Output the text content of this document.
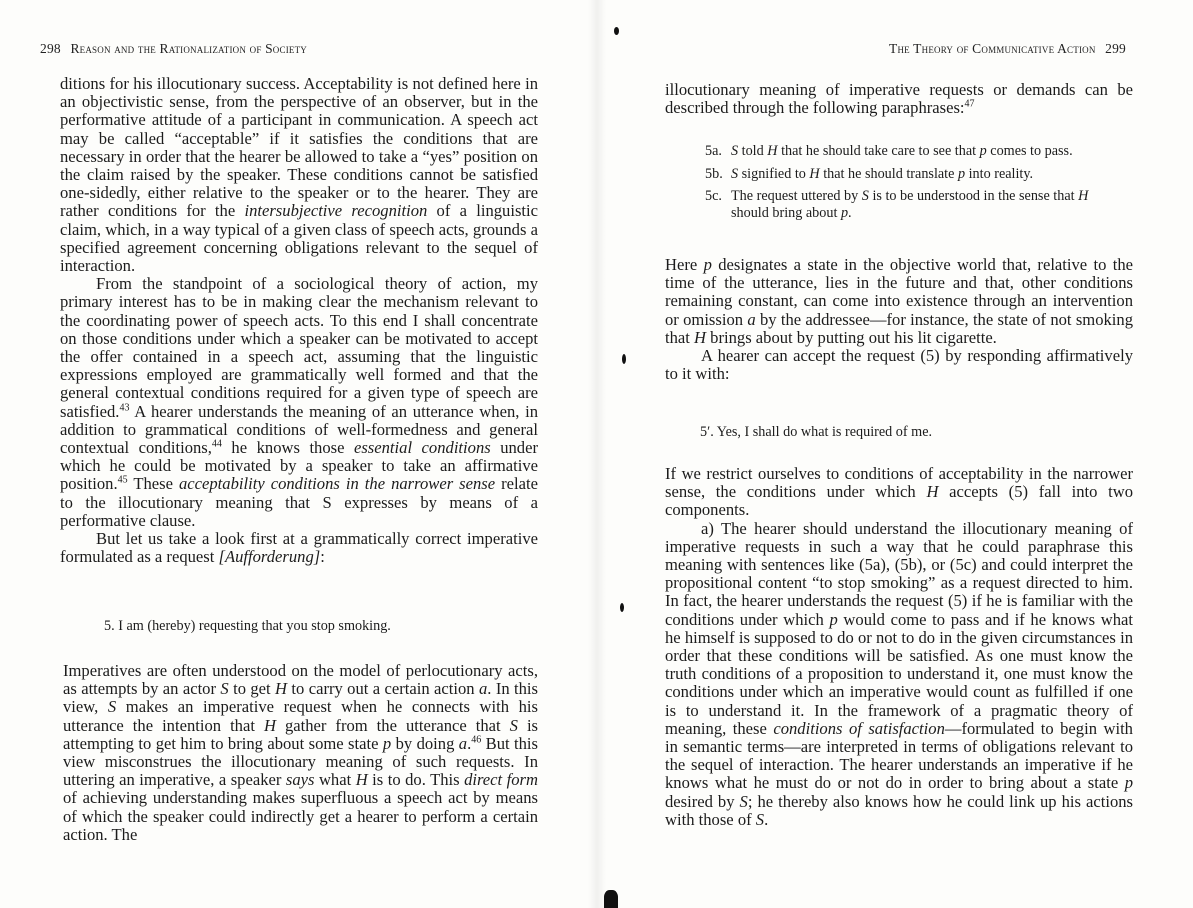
298 Reason and the Rationalization of Society

ditions for his illocutionary success. Acceptability is not defined here in an objectivistic sense, from the perspective of an observer, but in the performative attitude of a participant in communication. A speech act may be called “acceptable” if it satisfies the conditions that are necessary in order that the hearer be allowed to take a “yes” position on the claim raised by the speaker. These conditions cannot be satisfied one-sidedly, either relative to the speaker or to the hearer. They are rather conditions for the intersubjective recognition of a linguistic claim, which, in a way typical of a given class of speech acts, grounds a specified agreement concerning obligations relevant to the sequel of interaction.

From the standpoint of a sociological theory of action, my primary interest has to be in making clear the mechanism relevant to the coordinating power of speech acts. To this end I shall concentrate on those conditions under which a speaker can be motivated to accept the offer contained in a speech act, assuming that the linguistic expressions employed are grammatically well formed and that the general contextual conditions required for a given type of speech are satisfied.$^{43}$ A hearer understands the meaning of an utterance when, in addition to grammatical conditions of well-formedness and general contextual conditions,$^{44}$ he knows those essential conditions under which he could be motivated by a speaker to take an affirmative position.$^{45}$ These acceptability conditions in the narrower sense relate to the illocutionary meaning that S expresses by means of a performative clause.

But let us take a look first at a grammatically correct imperative formulated as a request [Aufforderung]:

5. I am (hereby) requesting that you stop smoking.

Imperatives are often understood on the model of perlocutionary acts, as attempts by an actor S to get H to carry out a certain action a. In this view, S makes an imperative request when he connects with his utterance the intention that H gather from the utterance that S is attempting to get him to bring about some state p by doing a.$^{46}$ But this view misconstrues the illocutionary meaning of such requests. In uttering an imperative, a speaker says what H is to do. This direct form of achieving understanding makes superfluous a speech act by means of which the speaker could indirectly get a hearer to perform a certain action. The

The Theory of Communicative Action 299

illocutionary meaning of imperative requests or demands can be described through the following paraphrases:$^{47}$

5a. S told H that he should take care to see that p comes to pass.
5b. S signified to H that he should translate p into reality.
5c. The request uttered by S is to be understood in the sense that H should bring about p.

Here p designates a state in the objective world that, relative to the time of the utterance, lies in the future and that, other conditions remaining constant, can come into existence through an intervention or omission a by the addressee—for instance, the state of not smoking that H brings about by putting out his lit cigarette.

A hearer can accept the request (5) by responding affirmatively to it with:

5′. Yes, I shall do what is required of me.

If we restrict ourselves to conditions of acceptability in the narrower sense, the conditions under which H accepts (5) fall into two components.

a) The hearer should understand the illocutionary meaning of imperative requests in such a way that he could paraphrase this meaning with sentences like (5a), (5b), or (5c) and could interpret the propositional content “to stop smoking” as a request directed to him. In fact, the hearer understands the request (5) if he is familiar with the conditions under which p would come to pass and if he knows what he himself is supposed to do or not to do in the given circumstances in order that these conditions will be satisfied. As one must know the truth conditions of a proposition to understand it, one must know the conditions under which an imperative would count as fulfilled if one is to understand it. In the framework of a pragmatic theory of meaning, these conditions of satisfaction—formulated to begin with in semantic terms—are interpreted in terms of obligations relevant to the sequel of interaction. The hearer understands an imperative if he knows what he must do or not do in order to bring about a state p desired by S; he thereby also knows how he could link up his actions with those of S.
